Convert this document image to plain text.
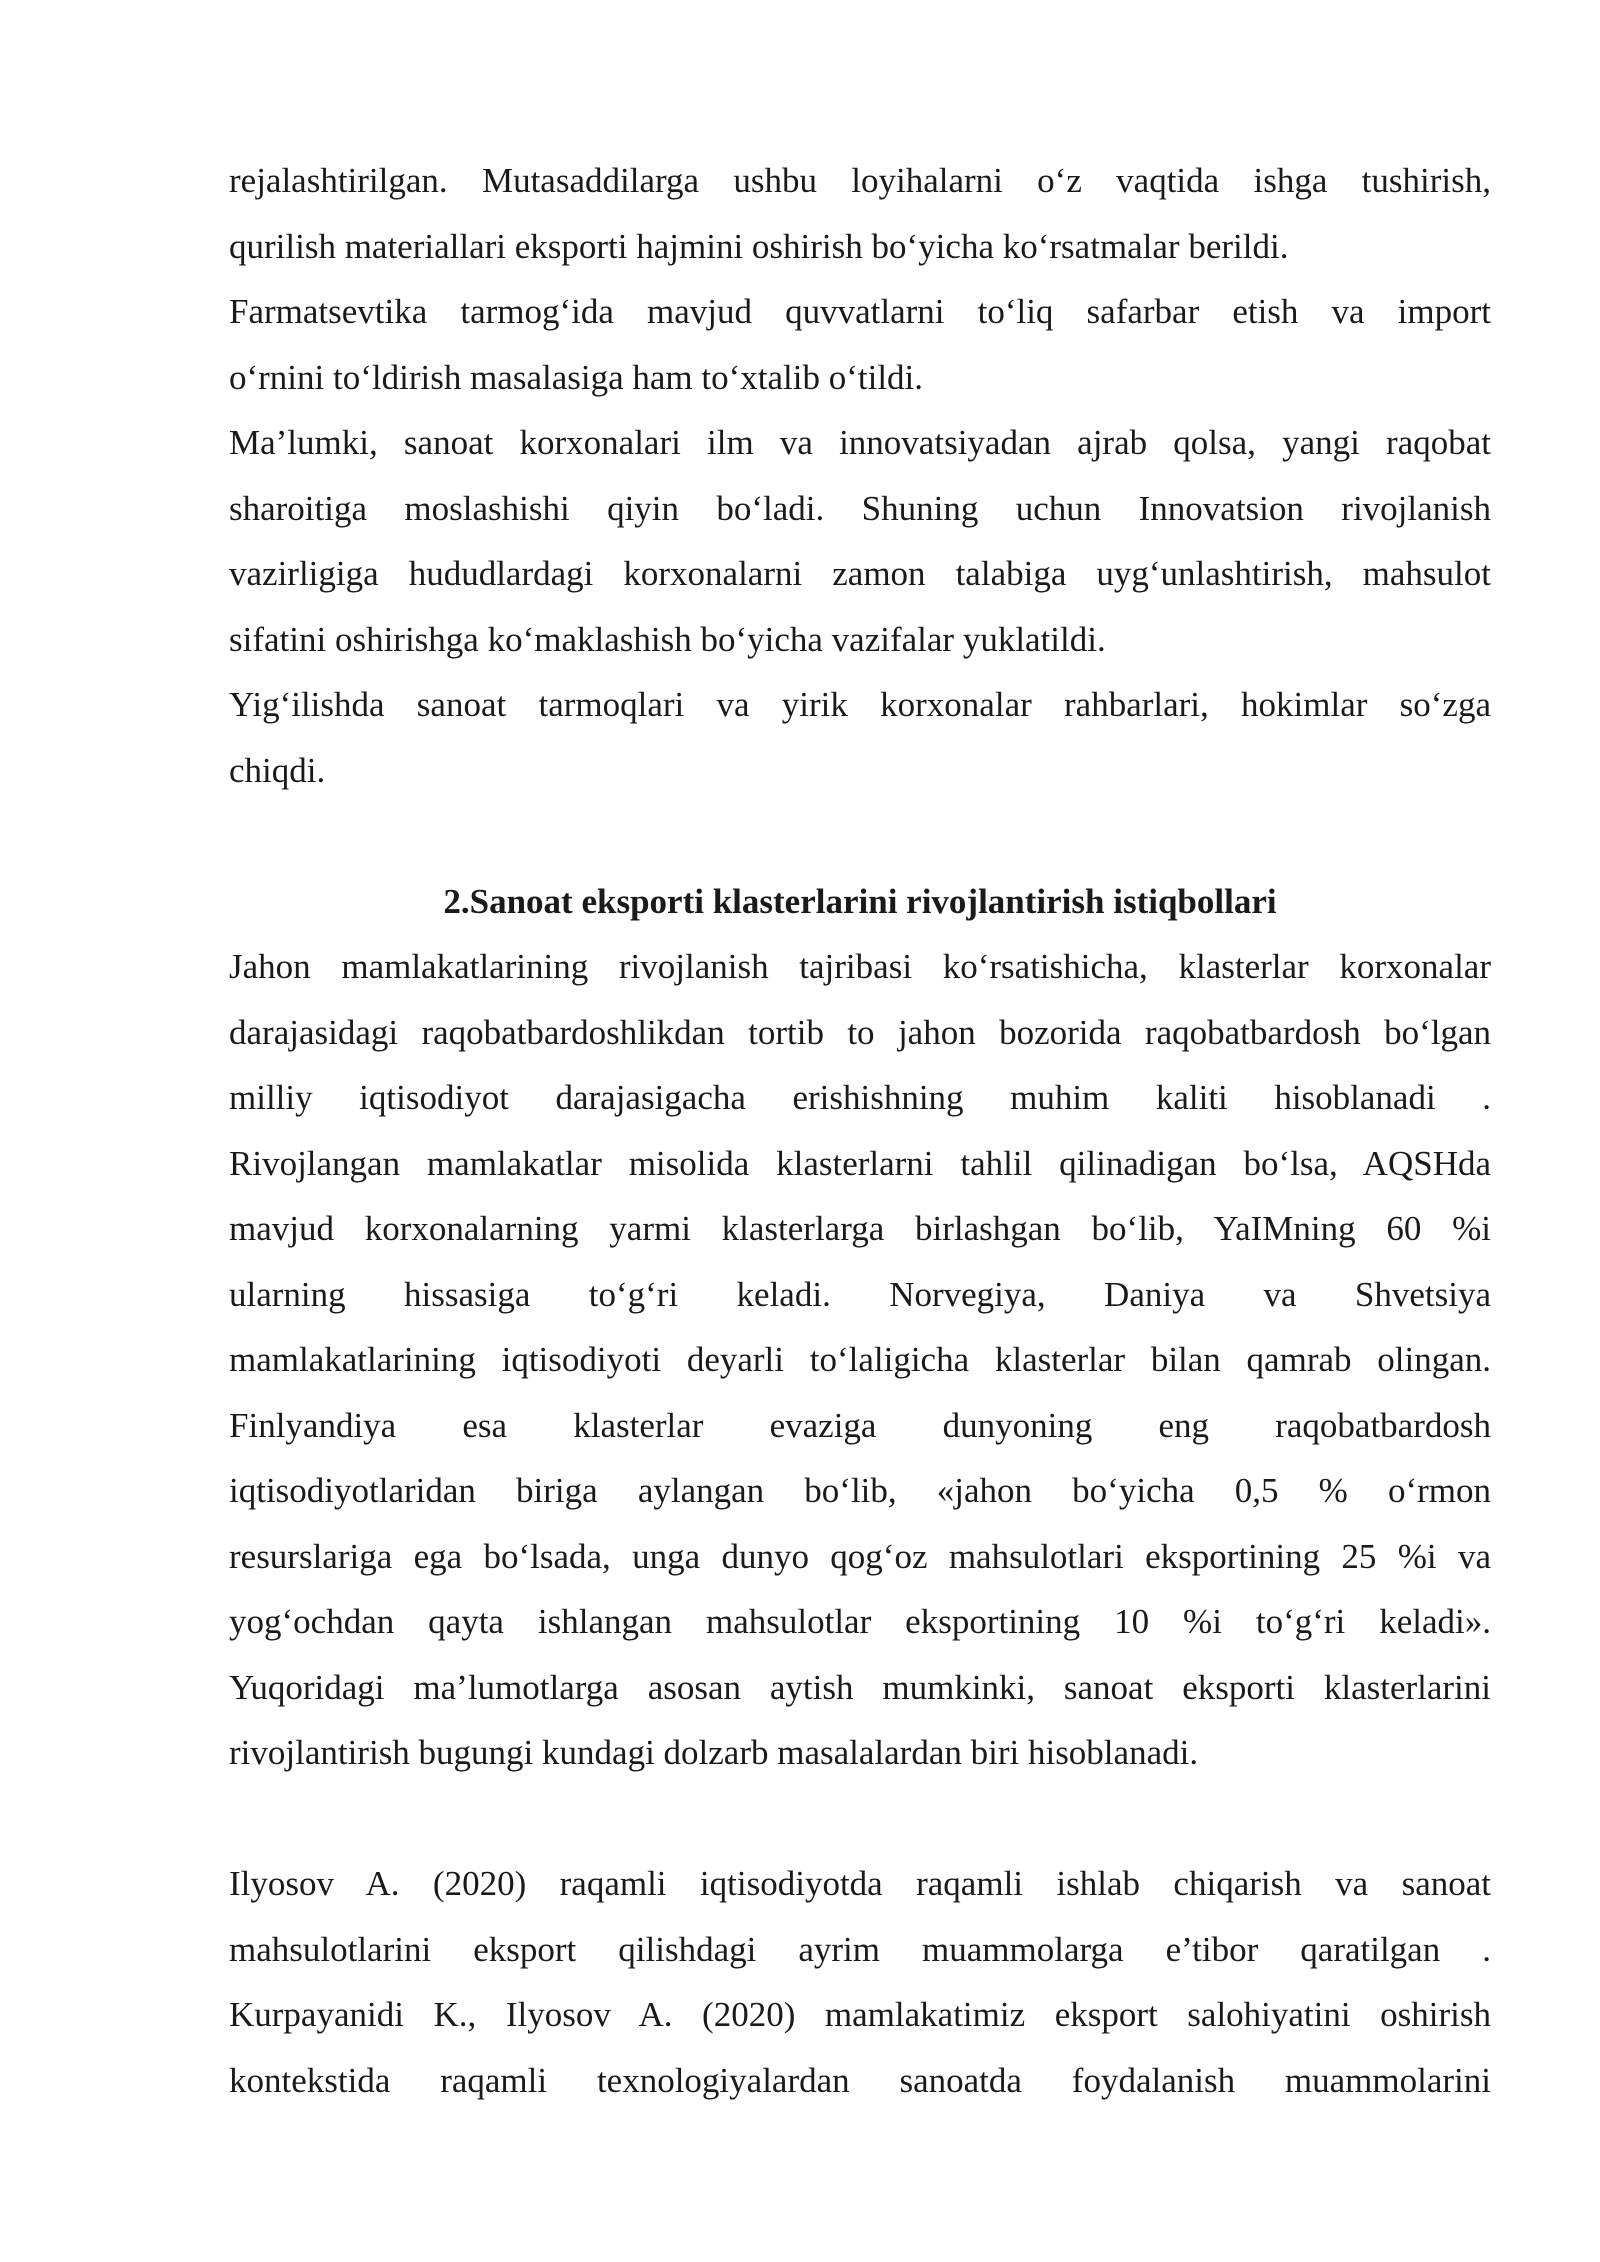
rejalashtirilgan. Mutasaddilarga ushbu loyihalarni o‘z vaqtida ishga tushirish,
qurilish materiallari eksporti hajmini oshirish bo‘yicha ko‘rsatmalar berildi.
Farmatsevtika tarmog‘ida mavjud quvvatlarni to‘liq safarbar etish va import
o‘rnini to‘ldirish masalasiga ham to‘xtalib o‘tildi.
Ma’lumki, sanoat korxonalari ilm va innovatsiyadan ajrab qolsa, yangi raqobat
sharoitiga moslashishi qiyin bo‘ladi. Shuning uchun Innovatsion rivojlanish
vazirligiga hududlardagi korxonalarni zamon talabiga uyg‘unlashtirish, mahsulot
sifatini oshirishga ko‘maklashish bo‘yicha vazifalar yuklatildi.
Yig‘ilishda sanoat tarmoqlari va yirik korxonalar rahbarlari, hokimlar so‘zga
chiqdi.
2.Sanoat eksporti klasterlarini rivojlantirish istiqbollari
Jahon mamlakatlarining rivojlanish tajribasi ko‘rsatishicha, klasterlar korxonalar
darajasidagi raqobatbardoshlikdan tortib to jahon bozorida raqobatbardosh bo‘lgan
milliy iqtisodiyot darajasigacha erishishning muhim kaliti hisoblanadi .
Rivojlangan mamlakatlar misolida klasterlarni tahlil qilinadigan bo‘lsa, AQSHda
mavjud korxonalarning yarmi klasterlarga birlashgan bo‘lib, YaIMning 60 %i
ularning hissasiga to‘g‘ri keladi. Norvegiya, Daniya va Shvetsiya
mamlakatlarining iqtisodiyoti deyarli to‘laligicha klasterlar bilan qamrab olingan.
Finlyandiya esa klasterlar evaziga dunyoning eng raqobatbardosh
iqtisodiyotlaridan biriga aylangan bo‘lib, «jahon bo‘yicha 0,5 % o‘rmon
resurslariga ega bo‘lsada, unga dunyo qog‘oz mahsulotlari eksportining 25 %i va
yog‘ochdan qayta ishlangan mahsulotlar eksportining 10 %i to‘g‘ri keladi».
Yuqoridagi ma’lumotlarga asosan aytish mumkinki, sanoat eksporti klasterlarini
rivojlantirish bugungi kundagi dolzarb masalalardan biri hisoblanadi.
Ilyosov A. (2020) raqamli iqtisodiyotda raqamli ishlab chiqarish va sanoat
mahsulotlarini eksport qilishdagi ayrim muammolarga e’tibor qaratilgan .
Kurpayanidi K., Ilyosov A. (2020) mamlakatimiz eksport salohiyatini oshirish
kontekstida raqamli texnologiyalardan sanoatda foydalanish muammolarini
